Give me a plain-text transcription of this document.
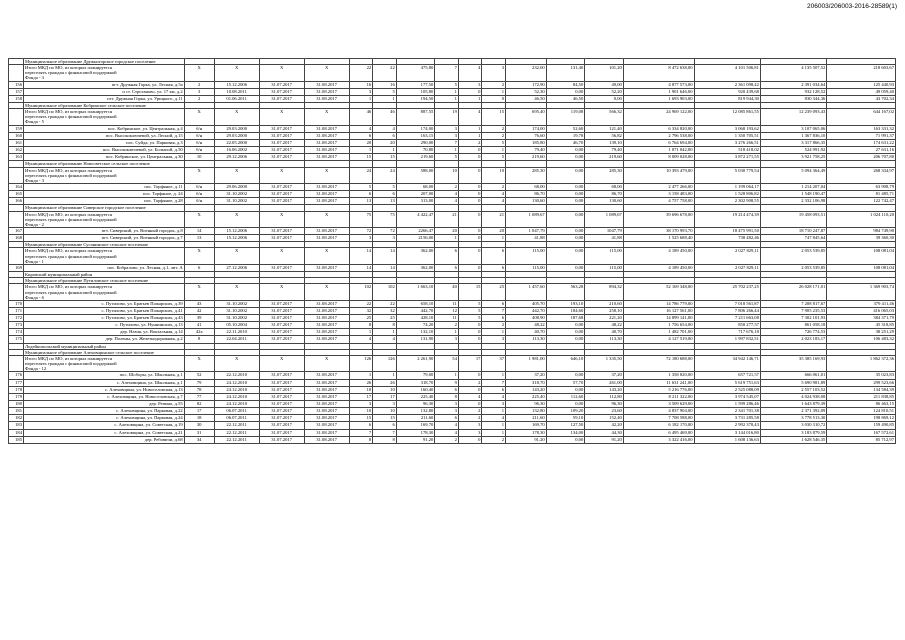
206003/206003-2016-28589(1)
	Муниципальное образование Дружногорское городское поселение																	

	Итого МКД по МО, из которых планируется
переселять граждан с финансовой поддержкой
Фонда - 3	X	X	X	X	22	22	475,80	7	4	3	232,00	131,40	101,20	8 472 638,00	4 101 506,81	4 135 507,52	218 603,67
156	пгт. Дружная Горка, ул. Лесная, д.5а	2	15.12.2006	31.07.2017	31.08.2017	16	16	177,50	5	3	2	172,90	84,50	49,00	4 877 573,00	2 361 098,42	2 391 034,64	125 440,93
157	п ст. Строганово, ул. 17 км, д.2	3	10.08.2011	31.07.2017	31.08.2017	3	5	105,80	1	0	1	52,30	0,00	52,20	1 901 646,00	920 439,68	932 128,52	49 059,40
158	пгт. Дружная Горка, ул. Урицкого, д.11	2	01.06.2011	31.07.2017	31.08.2017	1	1	194,50	1	1	0	46,50	46,50	0,00	1 693 903,00	819 944,30	830 344,36	43 702,34
	Муниципальное образование Кобринское сельское поселение																	

	Итого МКД по МО, из которых планируется
переселять граждан с финансовой поддержкой
Фонда - 5	X	X	X	X	46	46	887,55	19	4	15	695,40	119,08	566,32	24 969 122,00	12 085 861,55	12 239 093,43	644 167,02
159	пос. Кобринское, ул. Центральная, д.4	б/н	29.03.2000	31.07.2017	31.08.2017	4	4	174,00	3	1	2	174,00	52,60	121,40	6 334 820,00	3 068 193,62	3 107 065,06	163 331,32
160	пос. Высокоключевой, ул. Лесной, д.15	б/н	29.03.2000	31.07.2017	31.08.2017	6	6	163,15	3	1	2	76,60	19,78	56,82	2 796 538,00	1 350 705,51	1 367 836,10	71 991,37
161	пос. Суйда, ул. Парковая, д.3	б/н	22.05.2000	31.07.2017	31.08.2017	20	20	290,00	7	2	5	185,80	46,70	139,10	6 764 694,00	3 276 266,51	3 317 866,35	174 631,22
162	пос. Высокоключевой, ул. Большой, д.50	б/н	16.06.2002	31.07.2017	31.08.2017	1	1	70,80	1	0	1	79,40	0,00	79,40	1 071 042,00	518 418,02	524 991,92	27 631,16
163	пос. Кобринское, ул. Центральная, д.30	10	29.12.2006	31.07.2017	31.08.2017	15	15	219,60	5	0	5	219,60	0,00	219,60	8 009 028,00	3 872 271,55	3 921 758,25	206 707,80
	Муниципальное образование Новосветское сельское поселение																	

	Итого МКД по МО, из которых планируется
переселять граждан с финансовой поддержкой
Фонда - 3	X	X	X	X	24	24	588,00	10	0	10	285,30	0,00	285,30	10 393 479,00	5 030 779,54	5 094 364,49	268 334,97
164	пос. Торфяное, д.11	б/н	29.06.2000	31.07.2017	31.08.2017	5	5	68,00	2	0	2	68,00	0,00	68,00	2 477 266,00	1 199 064,17	1 214 207,04	63 908,79
165	пос. Торфяное, д. 24	б/н	31.10.2002	31.07.2017	31.08.2017	6	6	207,00	4	0	4	86,70	0,00	86,70	3 158 483,00	1 528 806,82	1 548 190,47	81 485,71
166	пос. Торфяное, д.28	б/н	31.10.2002	31.07.2017	31.08.2017	13	13	313,00	4	0	4	130,60	0,00	130,60	4 757 758,00	2 302 908,55	2 332 106,98	122 742,47
	Муниципальное образование Сиверское городское поселение																	

	Итого МКД по МО, из которых планируется
переселять граждан с финансовой поддержкой
Фонда - 2	X	X	X	X	75	75	4 422,47	21	0	21	1 089,67	0,00	1 089,67	39 696 678,00	19 214 474,39	19 458 093,51	1 024 110,20
167	пгт. Сиверский, ул. Военный городок, д.8	14	15.12.2006	31.07.2017	31.08.2017	72	72	2266,47	20	0	20	1 047,79	0,00	1047,79	38 170 993,70	18 475 991,50	18 710 247,87	984 749,90
168	пгт. Сиверский, ул. Военный городок, д.7	13	15.12.2006	31.07.2017	31.08.2017	3	3	2156,00	1	0	1	41,88	0,00	41,88	1 525 688,40	738 482,46	747 845,64	39 360,30
	Муниципальное образование Сусанинское сельское поселение																	

	Итого МКД по МО, из которых планируется
переселять граждан с финансовой поддержкой
Фонда - 1	X	X	X	X	14	14	362,00	6	0	6	115,00	0,00	115,00	4 189 450,00	2 027 829,11	2 053 539,85	108 081,04
169	пос. Кобралово, ул. Лесная, д.1, лит. А	6	27.12.2006	31.07.2017	31.08.2017	14	14	362,00	6	0	6	115,00	0,00	115,00	4 189 450,00	2 027 829,11	2 053 539,85	108 081,04
	Кировский муниципальный район																	
	Муниципальное образование Путиловское сельское поселение																	

	Итого МКД по МО, из которых планируется
переселять граждан с финансовой поддержкой
Фонда - 6	X	X	X	X	102	102	1 663,10	40	15	25	1 457,60	563,28	894,32	52 169 348,00	25 702 237,25	26 028 171,01	1 369 903,74
170	с. Путилово, ул. Братьев Пожарских, д.39	43	31.10.2002	31.07.2017	31.08.2017	22	22	658,10	11	5	6	405,70	193,10	210,60	14 786 779,00	7 018 561,87	7 208 817,67	379 411,46
171	с. Путилово, ул. Братьев Пожарских, д.41	42	31.10.2002	31.07.2017	31.08.2017	32	32	442,70	12	5	7	442,70	184,60	258,10	16 127 561,00	7 806 266,44	7 905 235,53	416 065,03
172	с. Путилово, ул. Братьев Пожарских, д.43	39	31.10.2002	31.07.2017	31.08.2017	25	25	428,10	11	5	6	408,90	187,68	221,20	14 899 141,00	7 211 663,08	7 302 101,93	384 371,79
173	с. Путилово, ул. Нуннинских, д.13	41	05.10.2004	31.07.2017	31.08.2017	8	8	74,20	2	0	2	48,22	0,00	48,22	1 756 654,00	850 277,57	861 058,18	45 318,85
174	дер. Назия, ул. Вокзальная, д.14	42а	22.11.2010	31.07.2017	31.08.2017	1	1	132,10	1	0	1	40,70	0,00	40,70	1 482 701,00	717 676,18	726 774,53	38 251,29
175	дер. Полены, ул. Железнодорожная, д.2	8	22.04.2011	31.07.2017	31.08.2017	4	4	131,90	3	0	3	113,30	0,00	113,30	4 127 519,00	1 997 832,51	2 023 183,17	106 483,32
	Лодейнопольский муниципальный район																	
	Муниципальное образование Алеховщинское сельское поселение																	

	Итого МКД по МО, из которых планируется
переселять граждан с финансовой поддержкой
Фонда - 12	X	X	X	X	126	126	2 261,90	54	17	37	1 981,00	646,10	1 335,50	72 180 688,00	34 942 146,71	35 385 169,93	1 862 372,36
176	пос. Шоборы, ул. Школьная, д.1	52	22.12.2010	31.07.2017	31.08.2017	1	1	79,00	1	0	1	37,20	0,00	37,20	1 358 820,00	657 721,57	666 061,01	35 023,83
177	с. Алеховщина, ул. Школьная, д.1	79	24.12.2010	31.07.2017	31.08.2017	26	26	318,70	9	2	7	318,70	57,70	261,00	11 631 241,00	5 619 751,63	5 690 981,89	299 523,66
178	с. Алеховщина, ул. Новоселовская, д.13	78	24.12.2010	31.07.2017	31.08.2017	10	10	160,40	6	0	6	143,20	0,00	143,20	5 216 776,00	2 525 088,09	2 557 103,52	134 584,39
179	с. Алеховщина, ул. Новоселовская, д.7	77	24.12.2010	31.07.2017	31.08.2017	17	17	225,40	8	4	4	225,40	112,60	112,80	8 211 322,00	3 974 545,07	4 024 938,08	211 838,85
180	дер. Репино, д.55	82	24.12.2010	31.07.2017	31.08.2017	3	3	96,30	3	0	3	96,30	0,00	96,30	3 509 629,00	1 599 286,46	1 643 879,39	86 463,15
181	с. Алеховщина, ул. Парковая, д.22	17	06.07.2011	31.07.2017	31.08.2017	10	10	132,80	3	2	1	132,80	109,20	23,60	4 837 904,00	2 341 701,38	2 371 392,09	124 810,51
182	с. Алеховщина, ул. Парковая, д.24	18	06.07.2011	31.07.2017	31.08.2017	15	15	211,60	6	2	4	211,60	59,10	152,40	7 708 588,00	3 731 285,58	3 778 513,30	198 869,12
183	с. Алеховщина, ул. Советская, д.19	30	22.12.2011	31.07.2017	31.08.2017	6	6	169,70	4	3	1	169,70	127,50	42,20	6 182 170,00	2 992 370,43	3 030 310,72	159 490,85
184	с. Алеховщина, ул. Советская, д.21	31	22.12.2011	31.07.2017	31.08.2017	7	7	178,30	4	3	1	178,30	134,00	44,30	6 495 469,00	3 144 016,80	3 183 879,59	167 572,61
185	дер. Ребовичи, д.68	34	22.12.2011	31.07.2017	31.08.2017	8	8	91,20	2	0	2	91,20	0,00	91,20	3 322 416,00	1 608 136,63	1 628 546,35	85 712,97
